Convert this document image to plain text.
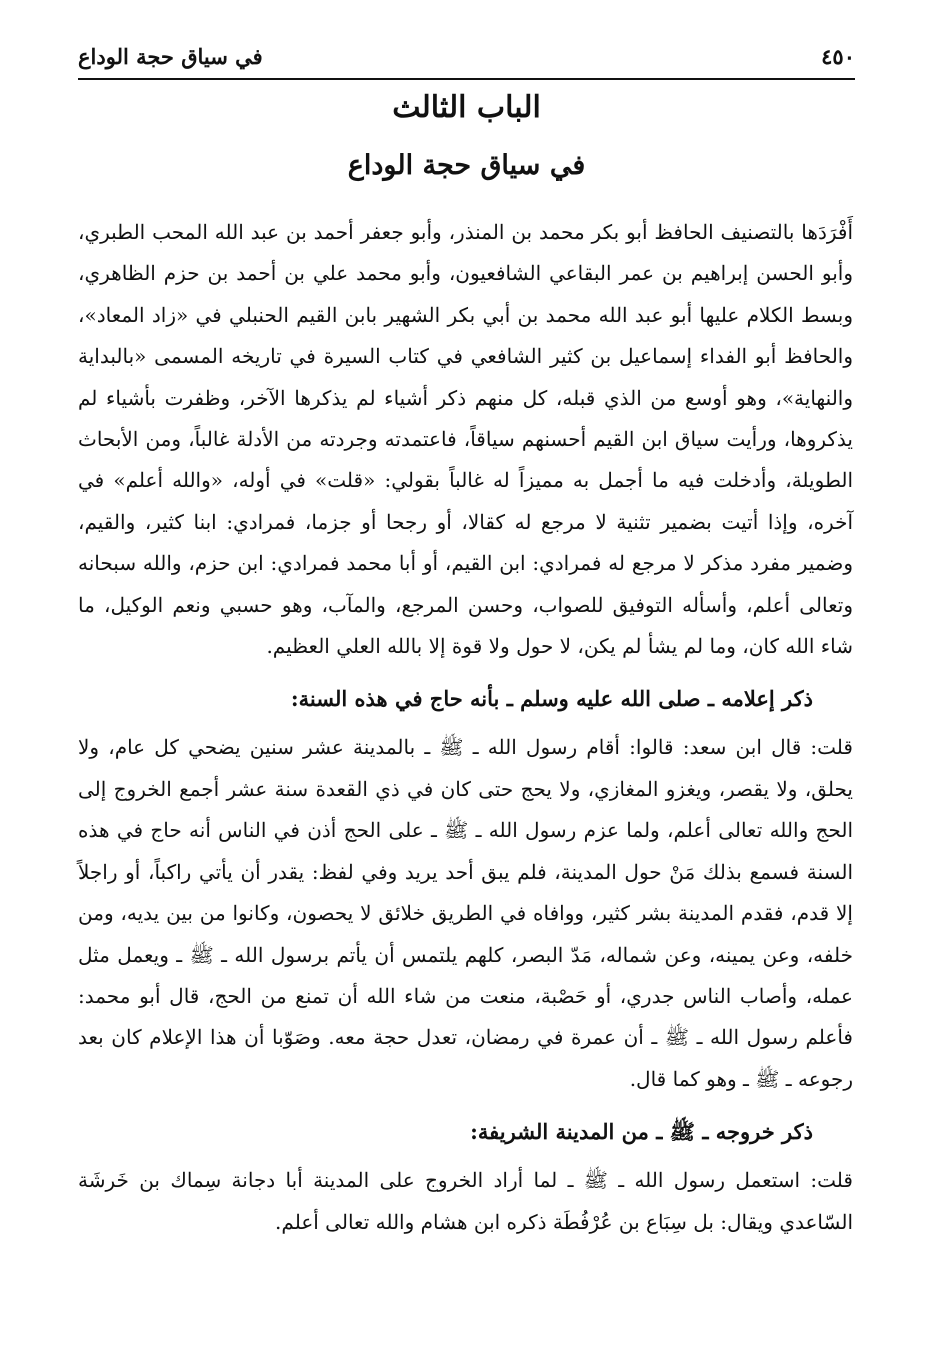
٤٥٠
في سياق حجة الوداع
الباب الثالث
في سياق حجة الوداع

أَفْرَدَها بالتصنيف الحافظ أبو بكر محمد بن المنذر، وأبو جعفر أحمد بن عبد الله المحب الطبري، وأبو الحسن إبراهيم بن عمر البقاعي الشافعيون، وأبو محمد علي بن أحمد بن حزم الظاهري، وبسط الكلام عليها أبو عبد الله محمد بن أبي بكر الشهير بابن القيم الحنبلي في «زاد المعاد»، والحافظ أبو الفداء إسماعيل بن كثير الشافعي في كتاب السيرة في تاريخه المسمى «بالبداية والنهاية»، وهو أوسع من الذي قبله، كل منهم ذكر أشياء لم يذكرها الآخر، وظفرت بأشياء لم يذكروها، ورأيت سياق ابن القيم أحسنهم سياقاً، فاعتمدته وجردته من الأدلة غالباً، ومن الأبحاث الطويلة، وأدخلت فيه ما أجمل به مميزاً له غالباً بقولي: «قلت» في أوله، «والله أعلم» في آخره، وإذا أتيت بضمير تثنية لا مرجع له كقالا، أو رجحا أو جزما، فمرادي: ابنا كثير، والقيم، وضمير مفرد مذكر لا مرجع له فمرادي: ابن القيم، أو أبا محمد فمرادي: ابن حزم، والله سبحانه وتعالى أعلم، وأسأله التوفيق للصواب، وحسن المرجع، والمآب، وهو حسبي ونعم الوكيل، ما شاء الله كان، وما لم يشأ لم يكن، لا حول ولا قوة إلا بالله العلي العظيم.

ذكر إعلامه ـ صلى الله عليه وسلم ـ بأنه حاج في هذه السنة:

قلت: قال ابن سعد: قالوا: أقام رسول الله ـ ﷺ ـ بالمدينة عشر سنين يضحي كل عام، ولا يحلق، ولا يقصر، ويغزو المغازي، ولا يحج حتى كان في ذي القعدة سنة عشر أجمع الخروج إلى الحج والله تعالى أعلم، ولما عزم رسول الله ـ ﷺ ـ على الحج أذن في الناس أنه حاج في هذه السنة فسمع بذلك مَنْ حول المدينة، فلم يبق أحد يريد وفي لفظ: يقدر أن يأتي راكباً، أو راجلاً إلا قدم، فقدم المدينة بشر كثير، ووافاه في الطريق خلائق لا يحصون، وكانوا من بين يديه، ومن خلفه، وعن يمينه، وعن شماله، مَدّ البصر، كلهم يلتمس أن يأتم برسول الله ـ ﷺ ـ ويعمل مثل عمله، وأصاب الناس جدري، أو حَصْبة، منعت من شاء الله أن تمنع من الحج، قال أبو محمد: فأعلم رسول الله ـ ﷺ ـ أن عمرة في رمضان، تعدل حجة معه. وصَوّبا أن هذا الإعلام كان بعد رجوعه ـ ﷺ ـ وهو كما قال.

ذكر خروجه ـ ﷺ ـ من المدينة الشريفة:

قلت: استعمل رسول الله ـ ﷺ ـ لما أراد الخروج على المدينة أبا دجانة سِماك بن خَرشَة السّاعدي ويقال: بل سِبَاع بن عُرْفُطَة ذكره ابن هشام والله تعالى أعلم.
